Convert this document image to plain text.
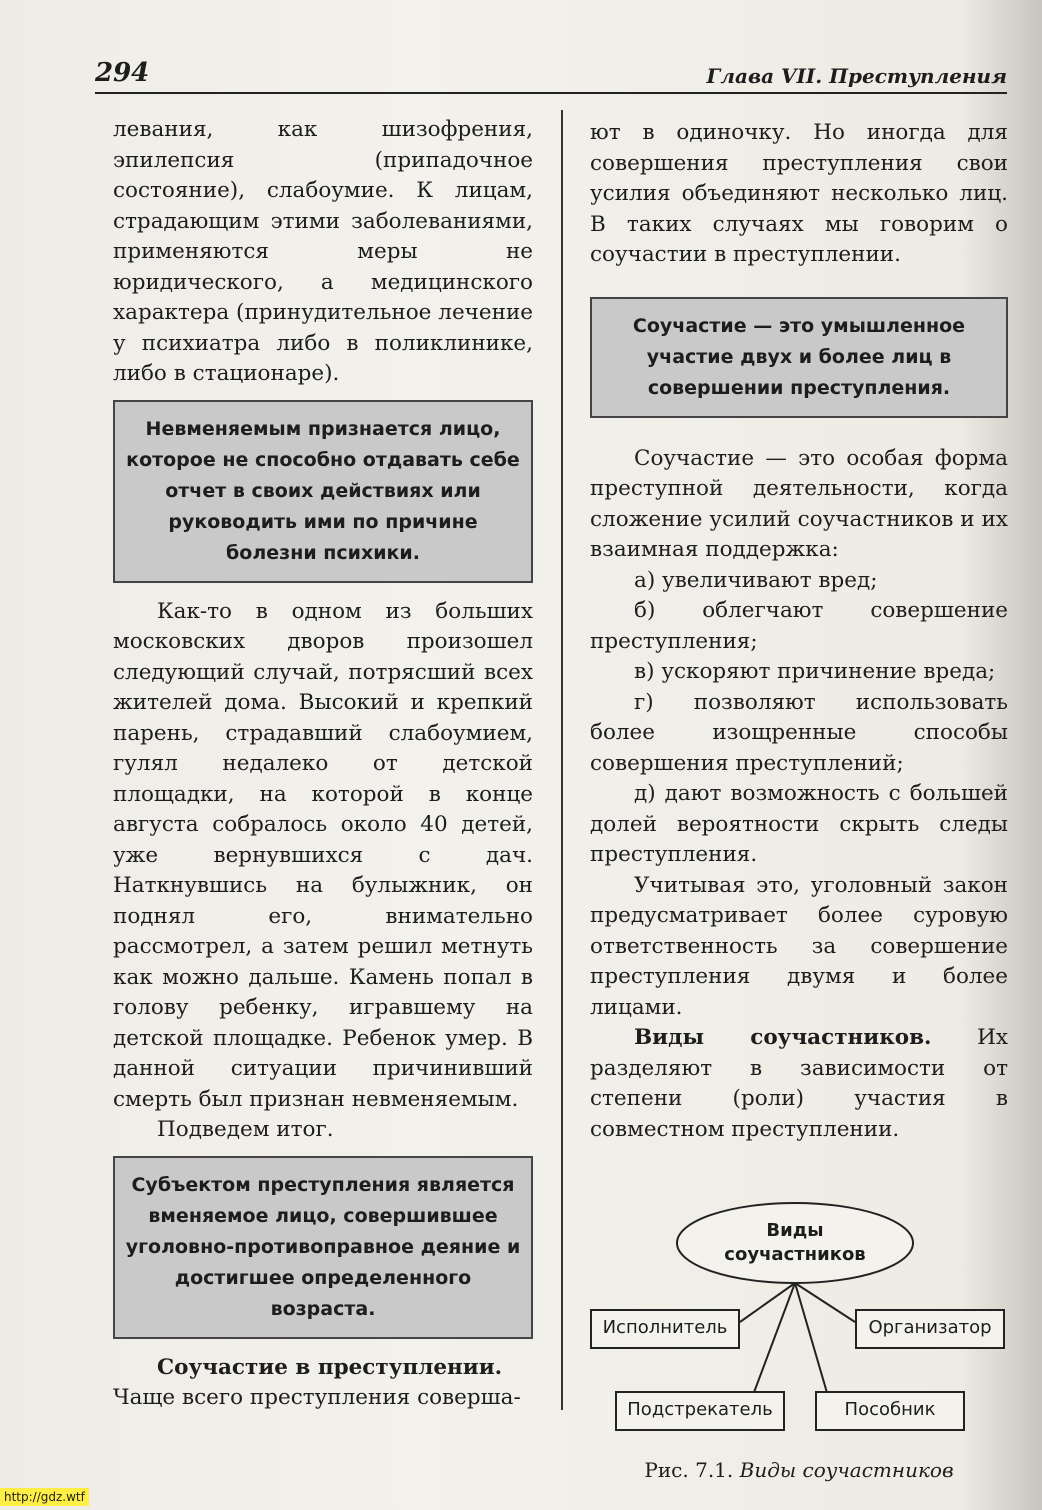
294	Глава VII. Преступления

левания, как шизофрения, эпилепсия (припадочное состояние), слабоумие. К лицам, страдающим этими заболеваниями, применяются меры не юридического, а медицинского характера (принудительное лечение у психиатра либо в поликлинике, либо в стационаре).

Невменяемым признается лицо, которое не способно отдавать себе отчет в своих действиях или руководить ими по причине болезни психики.

Как-то в одном из больших московских дворов произошел следующий случай, потрясший всех жителей дома. Высокий и крепкий парень, страдавший слабоумием, гулял недалеко от детской площадки, на которой в конце августа собралось около 40 детей, уже вернувшихся с дач. Наткнувшись на булыжник, он поднял его, внимательно рассмотрел, а затем решил метнуть как можно дальше. Камень попал в голову ребенку, игравшему на детской площадке. Ребенок умер. В данной ситуации причинивший смерть был признан невменяемым.

Подведем итог.

Субъектом преступления является вменяемое лицо, совершившее уголовно-противоправное деяние и достигшее определенного возраста.

Соучастие в преступлении.

Чаще всего преступления соверша-

ют в одиночку. Но иногда для совершения преступления свои усилия объединяют несколько лиц. В таких случаях мы говорим о соучастии в преступлении.

Соучастие — это умышленное участие двух и более лиц в совершении преступления.

Соучастие — это особая форма преступной деятельности, когда сложение усилий соучастников и их взаимная поддержка:

а) увеличивают вред;

б) облегчают совершение преступления;

в) ускоряют причинение вреда;

г) позволяют использовать более изощренные способы совершения преступлений;

д) дают возможность с большей долей вероятности скрыть следы преступления.

Учитывая это, уголовный закон предусматривает более суровую ответственность за совершение преступления двумя и более лицами.

Виды соучастников. Их разделяют в зависимости от степени (роли) участия в совместном преступлении.

Виды
соучастников
Исполнитель	Организатор
Подстрекатель	Пособник
Рис. 7.1. Виды соучастников
http://gdz.wtf
